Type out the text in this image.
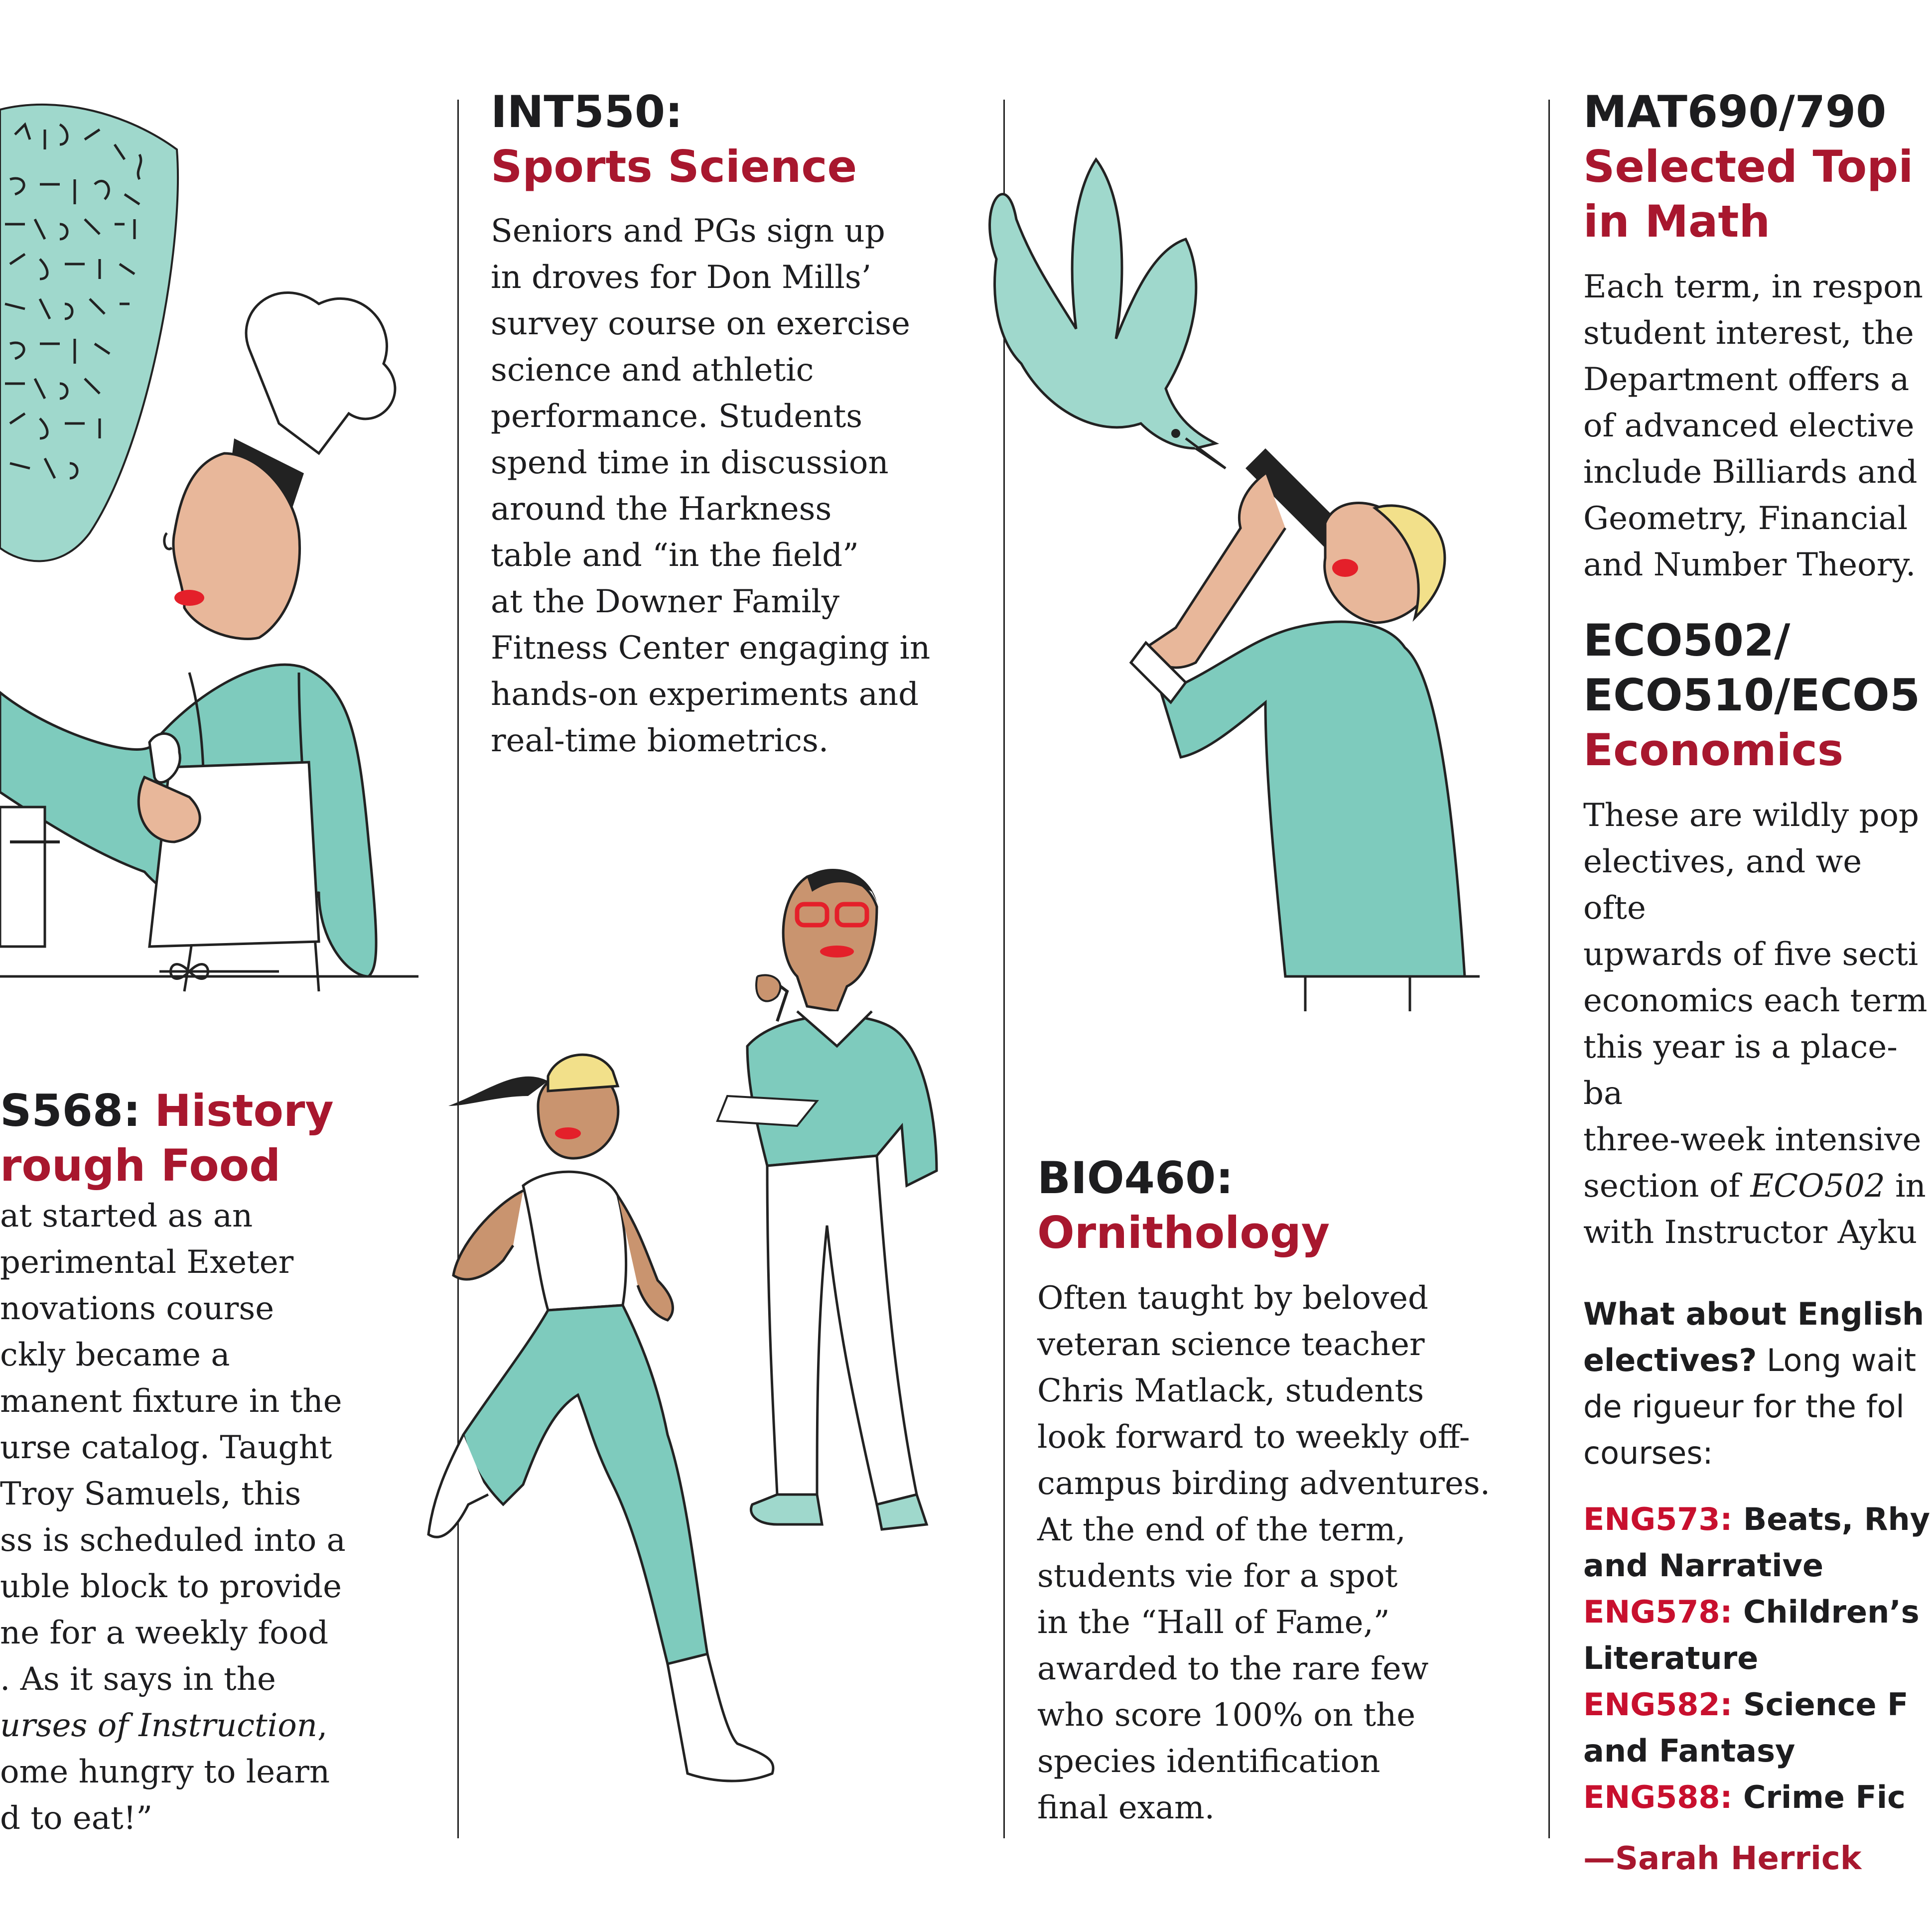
S568: History
rough Food

at started as an
perimental Exeter
novations course
ckly became a
manent fixture in the
urse catalog. Taught
Troy Samuels, this
ss is scheduled into a
uble block to provide
ne for a weekly food
. As it says in the
urses of Instruction,
ome hungry to learn
d to eat!”

INT550:
Sports Science

Seniors and PGs sign up
in droves for Don Mills’
survey course on exercise
science and athletic
performance. Students
spend time in discussion
around the Harkness
table and “in the field”
at the Downer Family
Fitness Center engaging in
hands-on experiments and
real-time biometrics.

BIO460:
Ornithology

Often taught by beloved
veteran science teacher
Chris Matlack, students
look forward to weekly off-
campus birding adventures.
At the end of the term,
students vie for a spot
in the “Hall of Fame,”
awarded to the rare few
who score 100% on the
species identification
final exam.

MAT690/790
Selected Topi
in Math

Each term, in respon
student interest, the
Department offers a
of advanced elective
include Billiards and
Geometry, Financial
and Number Theory.

ECO502/
ECO510/ECO5
Economics

These are wildly pop
electives, and we ofte
upwards of five secti
economics each term
this year is a place-ba
three-week intensive
section of ECO502 in
with Instructor Ayku

What about English
electives? Long wait
de rigueur for the fol
courses:

ENG573: Beats, Rhy
and Narrative

ENG578: Children’s
Literature

ENG582: Science F
and Fantasy

ENG588: Crime Fic

—Sarah Herrick
